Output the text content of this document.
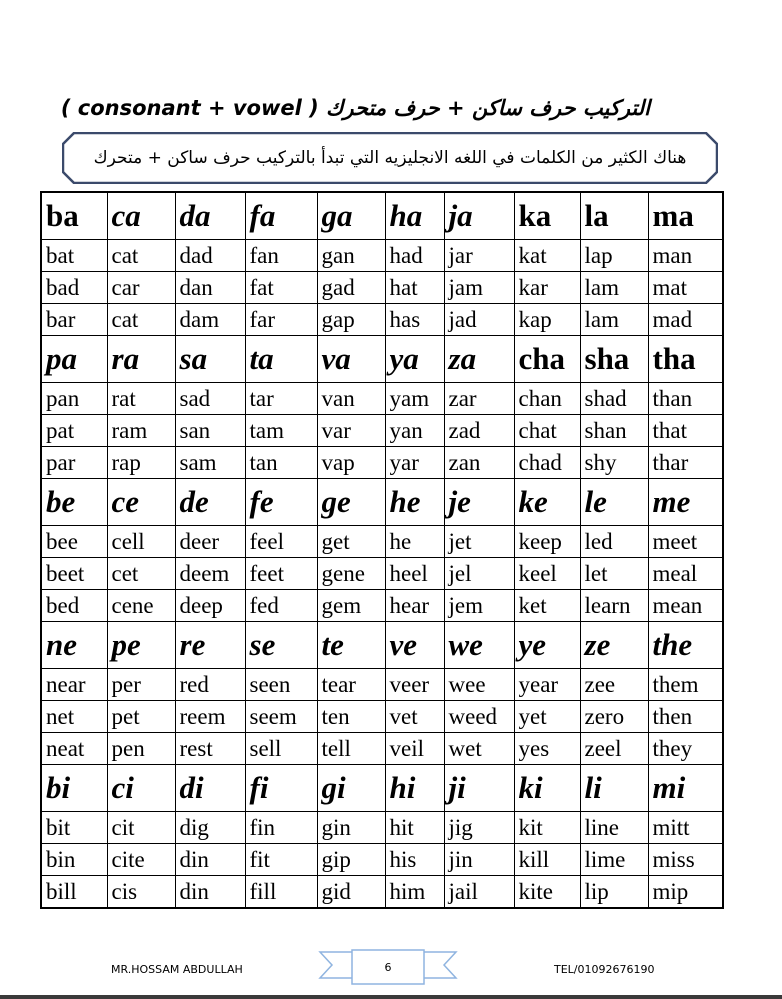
التركيب حرف ساكن + حرف متحرك ( consonant + vowel )
هناك الكثير من الكلمات في اللغه الانجليزيه التي تبدأ بالتركيب حرف ساكن + متحرك
ba	ca	da	fa	ga	ha	ja	ka	la	ma
bat	cat	dad	fan	gan	had	jar	kat	lap	man
bad	car	dan	fat	gad	hat	jam	kar	lam	mat
bar	cat	dam	far	gap	has	jad	kap	lam	mad
pa	ra	sa	ta	va	ya	za	cha	sha	tha
pan	rat	sad	tar	van	yam	zar	chan	shad	than
pat	ram	san	tam	var	yan	zad	chat	shan	that
par	rap	sam	tan	vap	yar	zan	chad	shy	thar
be	ce	de	fe	ge	he	je	ke	le	me
bee	cell	deer	feel	get	he	jet	keep	led	meet
beet	cet	deem	feet	gene	heel	jel	keel	let	meal
bed	cene	deep	fed	gem	hear	jem	ket	learn	mean
ne	pe	re	se	te	ve	we	ye	ze	the
near	per	red	seen	tear	veer	wee	year	zee	them
net	pet	reem	seem	ten	vet	weed	yet	zero	then
neat	pen	rest	sell	tell	veil	wet	yes	zeel	they
bi	ci	di	fi	gi	hi	ji	ki	li	mi
bit	cit	dig	fin	gin	hit	jig	kit	line	mitt
bin	cite	din	fit	gip	his	jin	kill	lime	miss
bill	cis	din	fill	gid	him	jail	kite	lip	mip
MR.HOSSAM ABDULLAH	6	TEL/01092676190
